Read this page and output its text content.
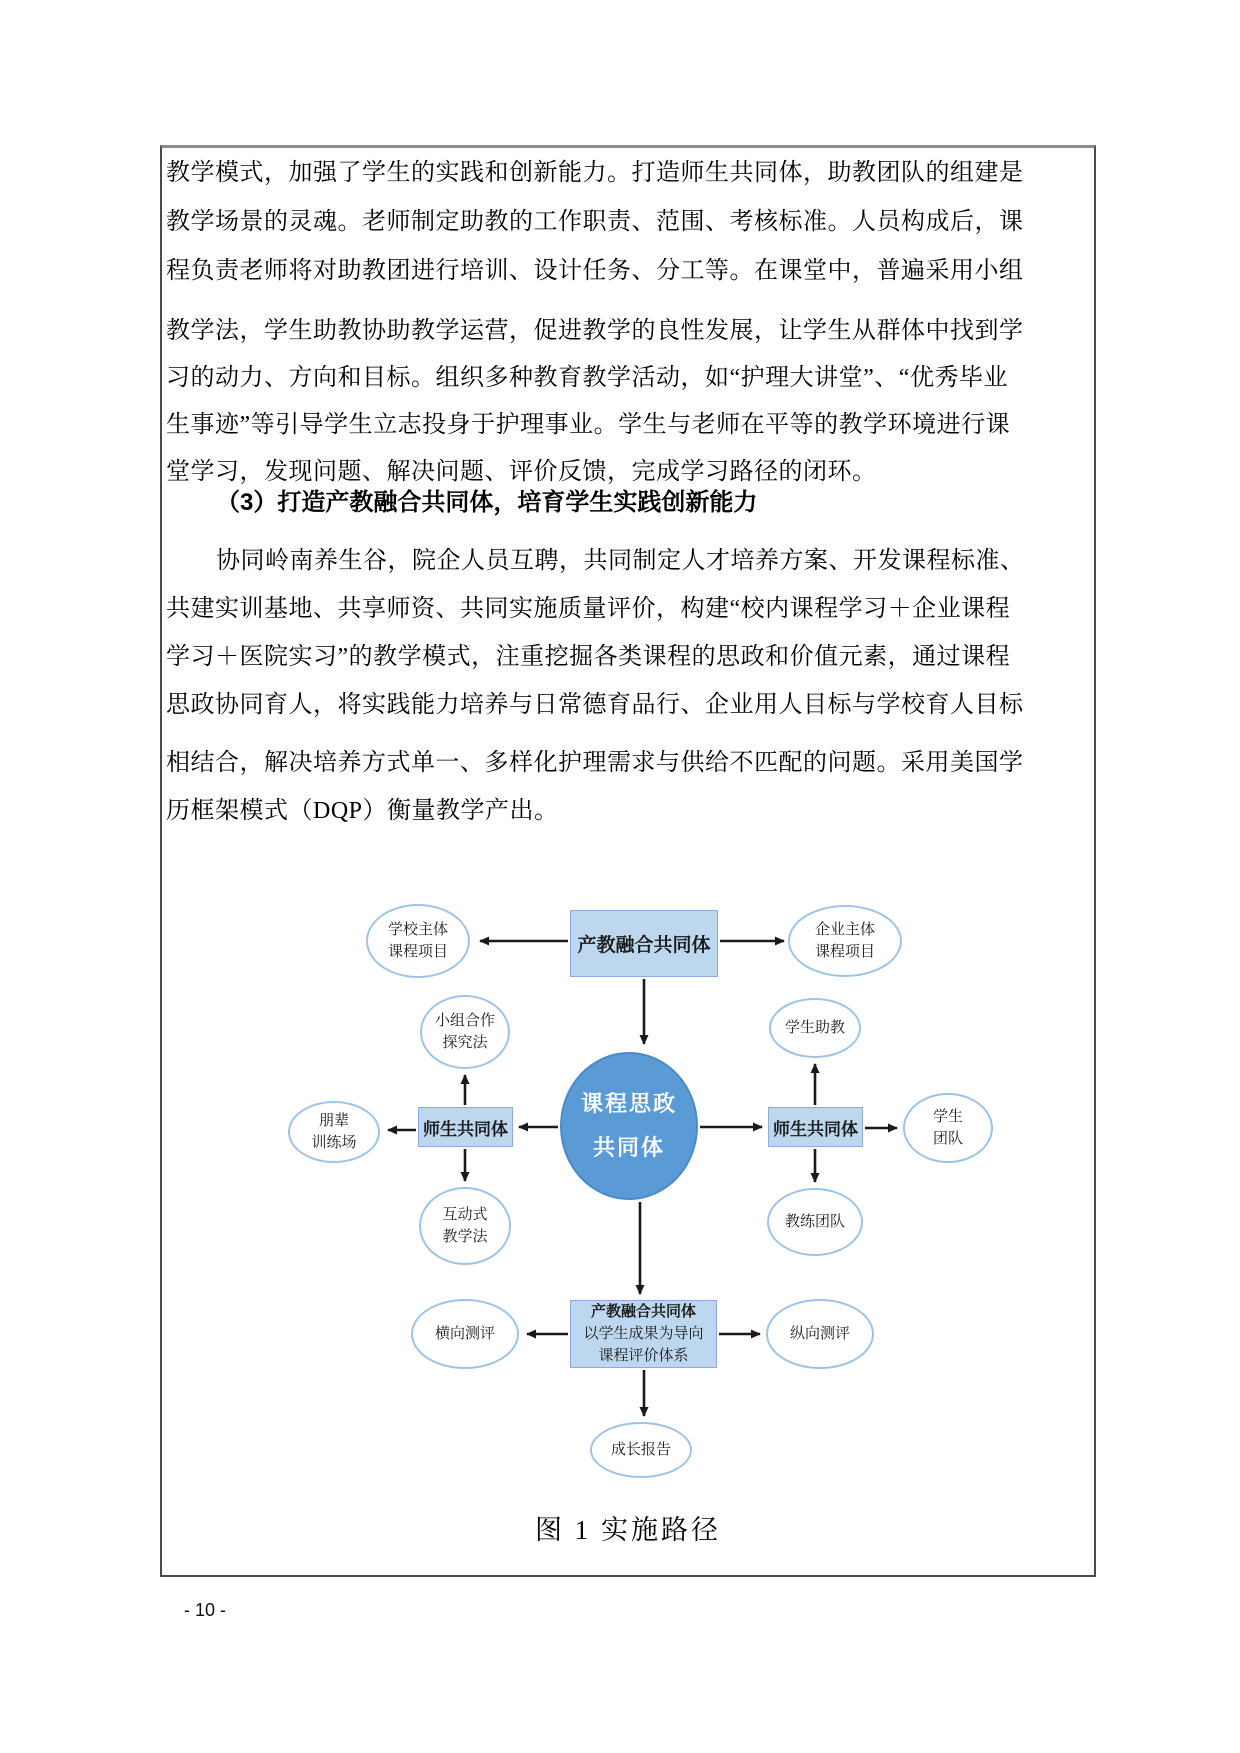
教学模式，加强了学生的实践和创新能力。打造师生共同体，助教团队的组建是
教学场景的灵魂。老师制定助教的工作职责、范围、考核标准。人员构成后，课
程负责老师将对助教团进行培训、设计任务、分工等。在课堂中，普遍采用小组
教学法，学生助教协助教学运营，促进教学的良性发展，让学生从群体中找到学
习的动力、方向和目标。组织多种教育教学活动，如“护理大讲堂”、“优秀毕业
生事迹”等引导学生立志投身于护理事业。学生与老师在平等的教学环境进行课
堂学习，发现问题、解决问题、评价反馈，完成学习路径的闭环。
（3）打造产教融合共同体，培育学生实践创新能力
协同岭南养生谷，院企人员互聘，共同制定人才培养方案、开发课程标准、
共建实训基地、共享师资、共同实施质量评价，构建“校内课程学习＋企业课程
学习＋医院实习”的教学模式，注重挖掘各类课程的思政和价值元素，通过课程
思政协同育人，将实践能力培养与日常德育品行、企业用人目标与学校育人目标
相结合，解决培养方式单一、多样化护理需求与供给不匹配的问题。采用美国学
历框架模式（DQP）衡量教学产出。
学校主体
课程项目	产教融合共同体
企业主体
课程项目
小组合作
探究法
学生助教
朋辈
训练场
师生共同体
课程思政
共同体
师生共同体
学生
团队
互动式
教学法
教练团队
产教融合共同体
以学生成果为导向
课程评价体系
横向测评	纵向测评
成长报告
图 1 实施路径
- 10 -
